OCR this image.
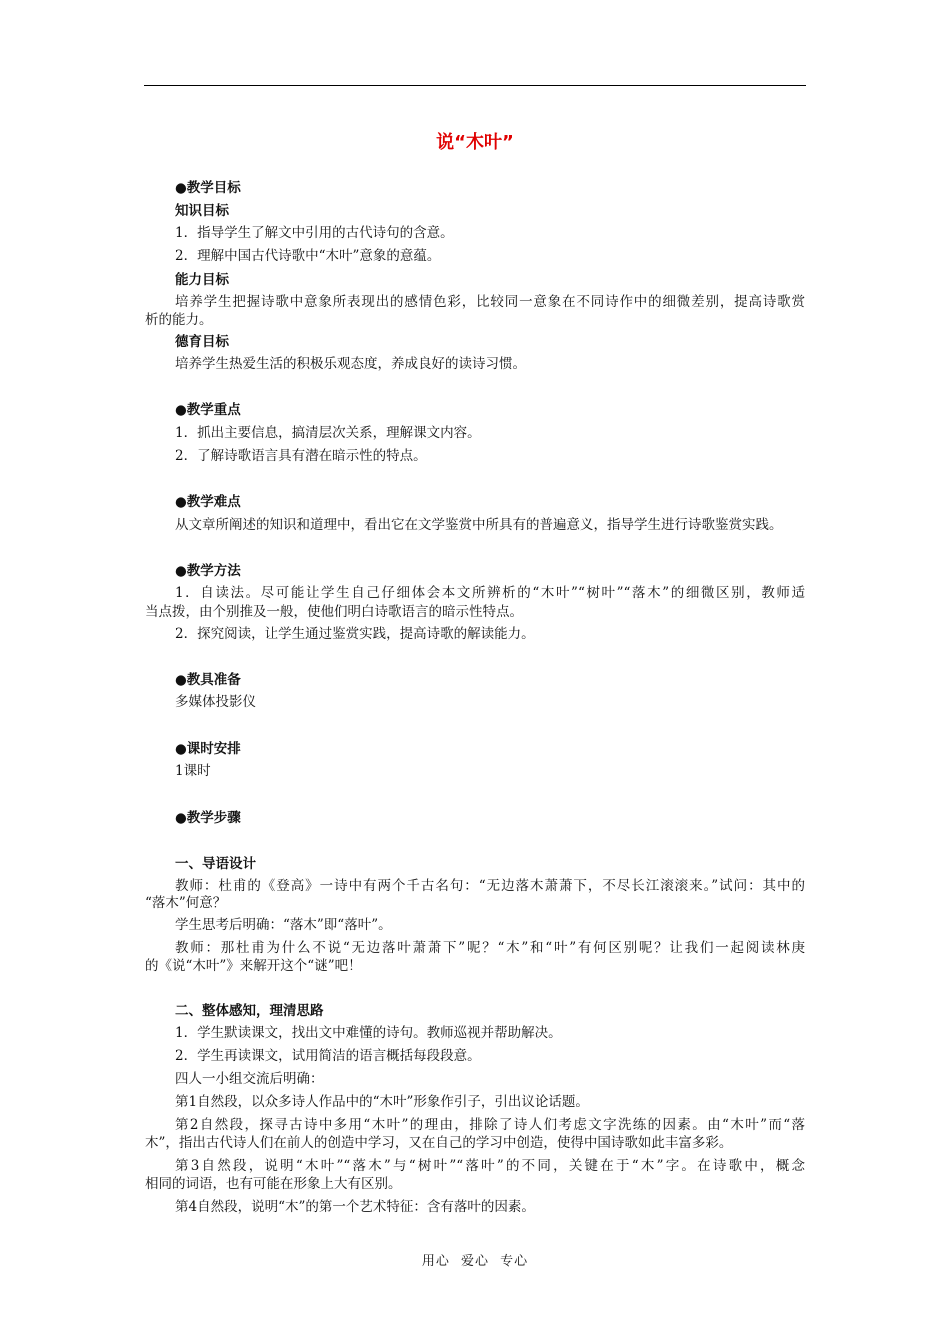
说“木叶”
●教学目标
知识目标
1．指导学生了解文中引用的古代诗句的含意。
2．理解中国古代诗歌中“木叶”意象的意蕴。
能力目标
培养学生把握诗歌中意象所表现出的感情色彩，比较同一意象在不同诗作中的细微差别，提高诗歌赏
析的能力。
德育目标
培养学生热爱生活的积极乐观态度，养成良好的读诗习惯。
●教学重点
1．抓出主要信息，搞清层次关系，理解课文内容。
2．了解诗歌语言具有潜在暗示性的特点。
●教学难点
从文章所阐述的知识和道理中，看出它在文学鉴赏中所具有的普遍意义，指导学生进行诗歌鉴赏实践。
●教学方法
1．自读法。尽可能让学生自己仔细体会本文所辨析的“木叶”“树叶”“落木”的细微区别，教师适
当点拨，由个别推及一般，使他们明白诗歌语言的暗示性特点。
2．探究阅读，让学生通过鉴赏实践，提高诗歌的解读能力。
●教具准备
多媒体投影仪
●课时安排
1课时
●教学步骤
一、导语设计
教师：杜甫的《登高》一诗中有两个千古名句：“无边落木萧萧下，不尽长江滚滚来。”试问：其中的
“落木”何意？
学生思考后明确：“落木”即“落叶”。
教师：那杜甫为什么不说“无边落叶萧萧下”呢？“木”和“叶”有何区别呢？让我们一起阅读林庚
的《说“木叶”》来解开这个“谜”吧！
二、整体感知，理清思路
1．学生默读课文，找出文中难懂的诗句。教师巡视并帮助解决。
2．学生再读课文，试用简洁的语言概括每段段意。
四人一小组交流后明确：
第1自然段，以众多诗人作品中的“木叶”形象作引子，引出议论话题。
第2自然段，探寻古诗中多用“木叶”的理由，排除了诗人们考虑文字洗练的因素。由“木叶”而“落
木”，指出古代诗人们在前人的创造中学习，又在自己的学习中创造，使得中国诗歌如此丰富多彩。
第3自然段，说明“木叶”“落木”与“树叶”“落叶”的不同，关键在于“木”字。在诗歌中，概念
相同的词语，也有可能在形象上大有区别。
第4自然段，说明“木”的第一个艺术特征：含有落叶的因素。
用心 爱心 专心
